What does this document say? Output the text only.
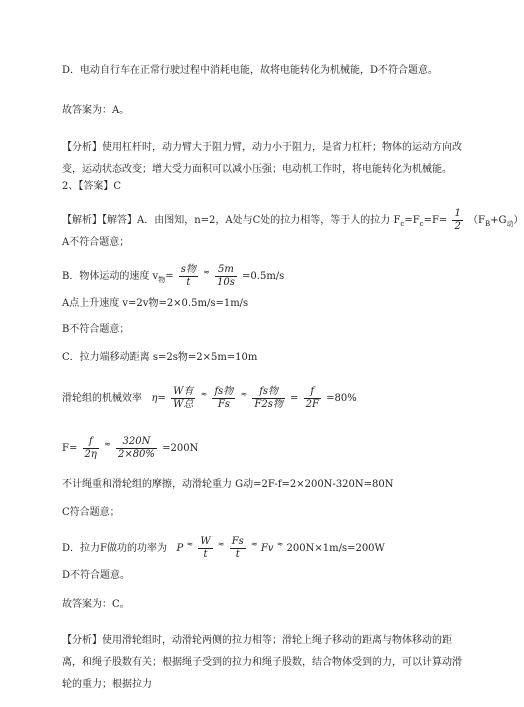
D．电动自行车在正常行驶过程中消耗电能，故将电能转化为机械能，D不符合题意。
故答案为：A。
【分析】使用杠杆时，动力臂大于阻力臂，动力小于阻力，是省力杠杆；物体的运动方向改变，运动状态改变；增大受力面积可以减小压强；电动机工作时，将电能转化为机械能。
2、【答案】C
【解析】【解答】A．由图知，n=2，A处与C处的拉力相等，等于人的拉力 $F_c=F_c=F= \frac{1}{2} (F_B+G_动)$
A不符合题意；
B．物体运动的速度 $v_物= \frac{\text{s物}}{t} ^\approx \frac{5m}{10s} =0.5m/s$
A点上升速度 v=2v物=2×0.5m/s=1m/s
B不符合题意；
C．拉力端移动距离 s=2s物=2×5m=10m
滑轮组的机械效率 $\eta= \frac{\text{W有}}{\text{W总}} ^\approx \frac{\text{fs物}}{Fs} ^\approx \frac{\text{fs物}}{\text{F2s物}} = \frac{f}{2F} =80\%$
$F= \frac{f}{2\eta} ^\approx \frac{320N}{2\times 80\%} =200N$
不计绳重和滑轮组的摩擦，动滑轮重力 G动=2F-f=2×200N-320N=80N
C符合题意；
D．拉力F做功的功率为 P $^\approx \frac{W}{t} ^\approx \frac{Fs}{t} ^\approx$ Fv ≈ 200N×1m/s=200W
D不符合题意。
故答案为：C。
【分析】使用滑轮组时，动滑轮两侧的拉力相等；滑轮上绳子移动的距离与物体移动的距离，和绳子股数有关；根据绳子受到的拉力和绳子股数，结合物体受到的力，可以计算动滑轮的重力；根据拉力
